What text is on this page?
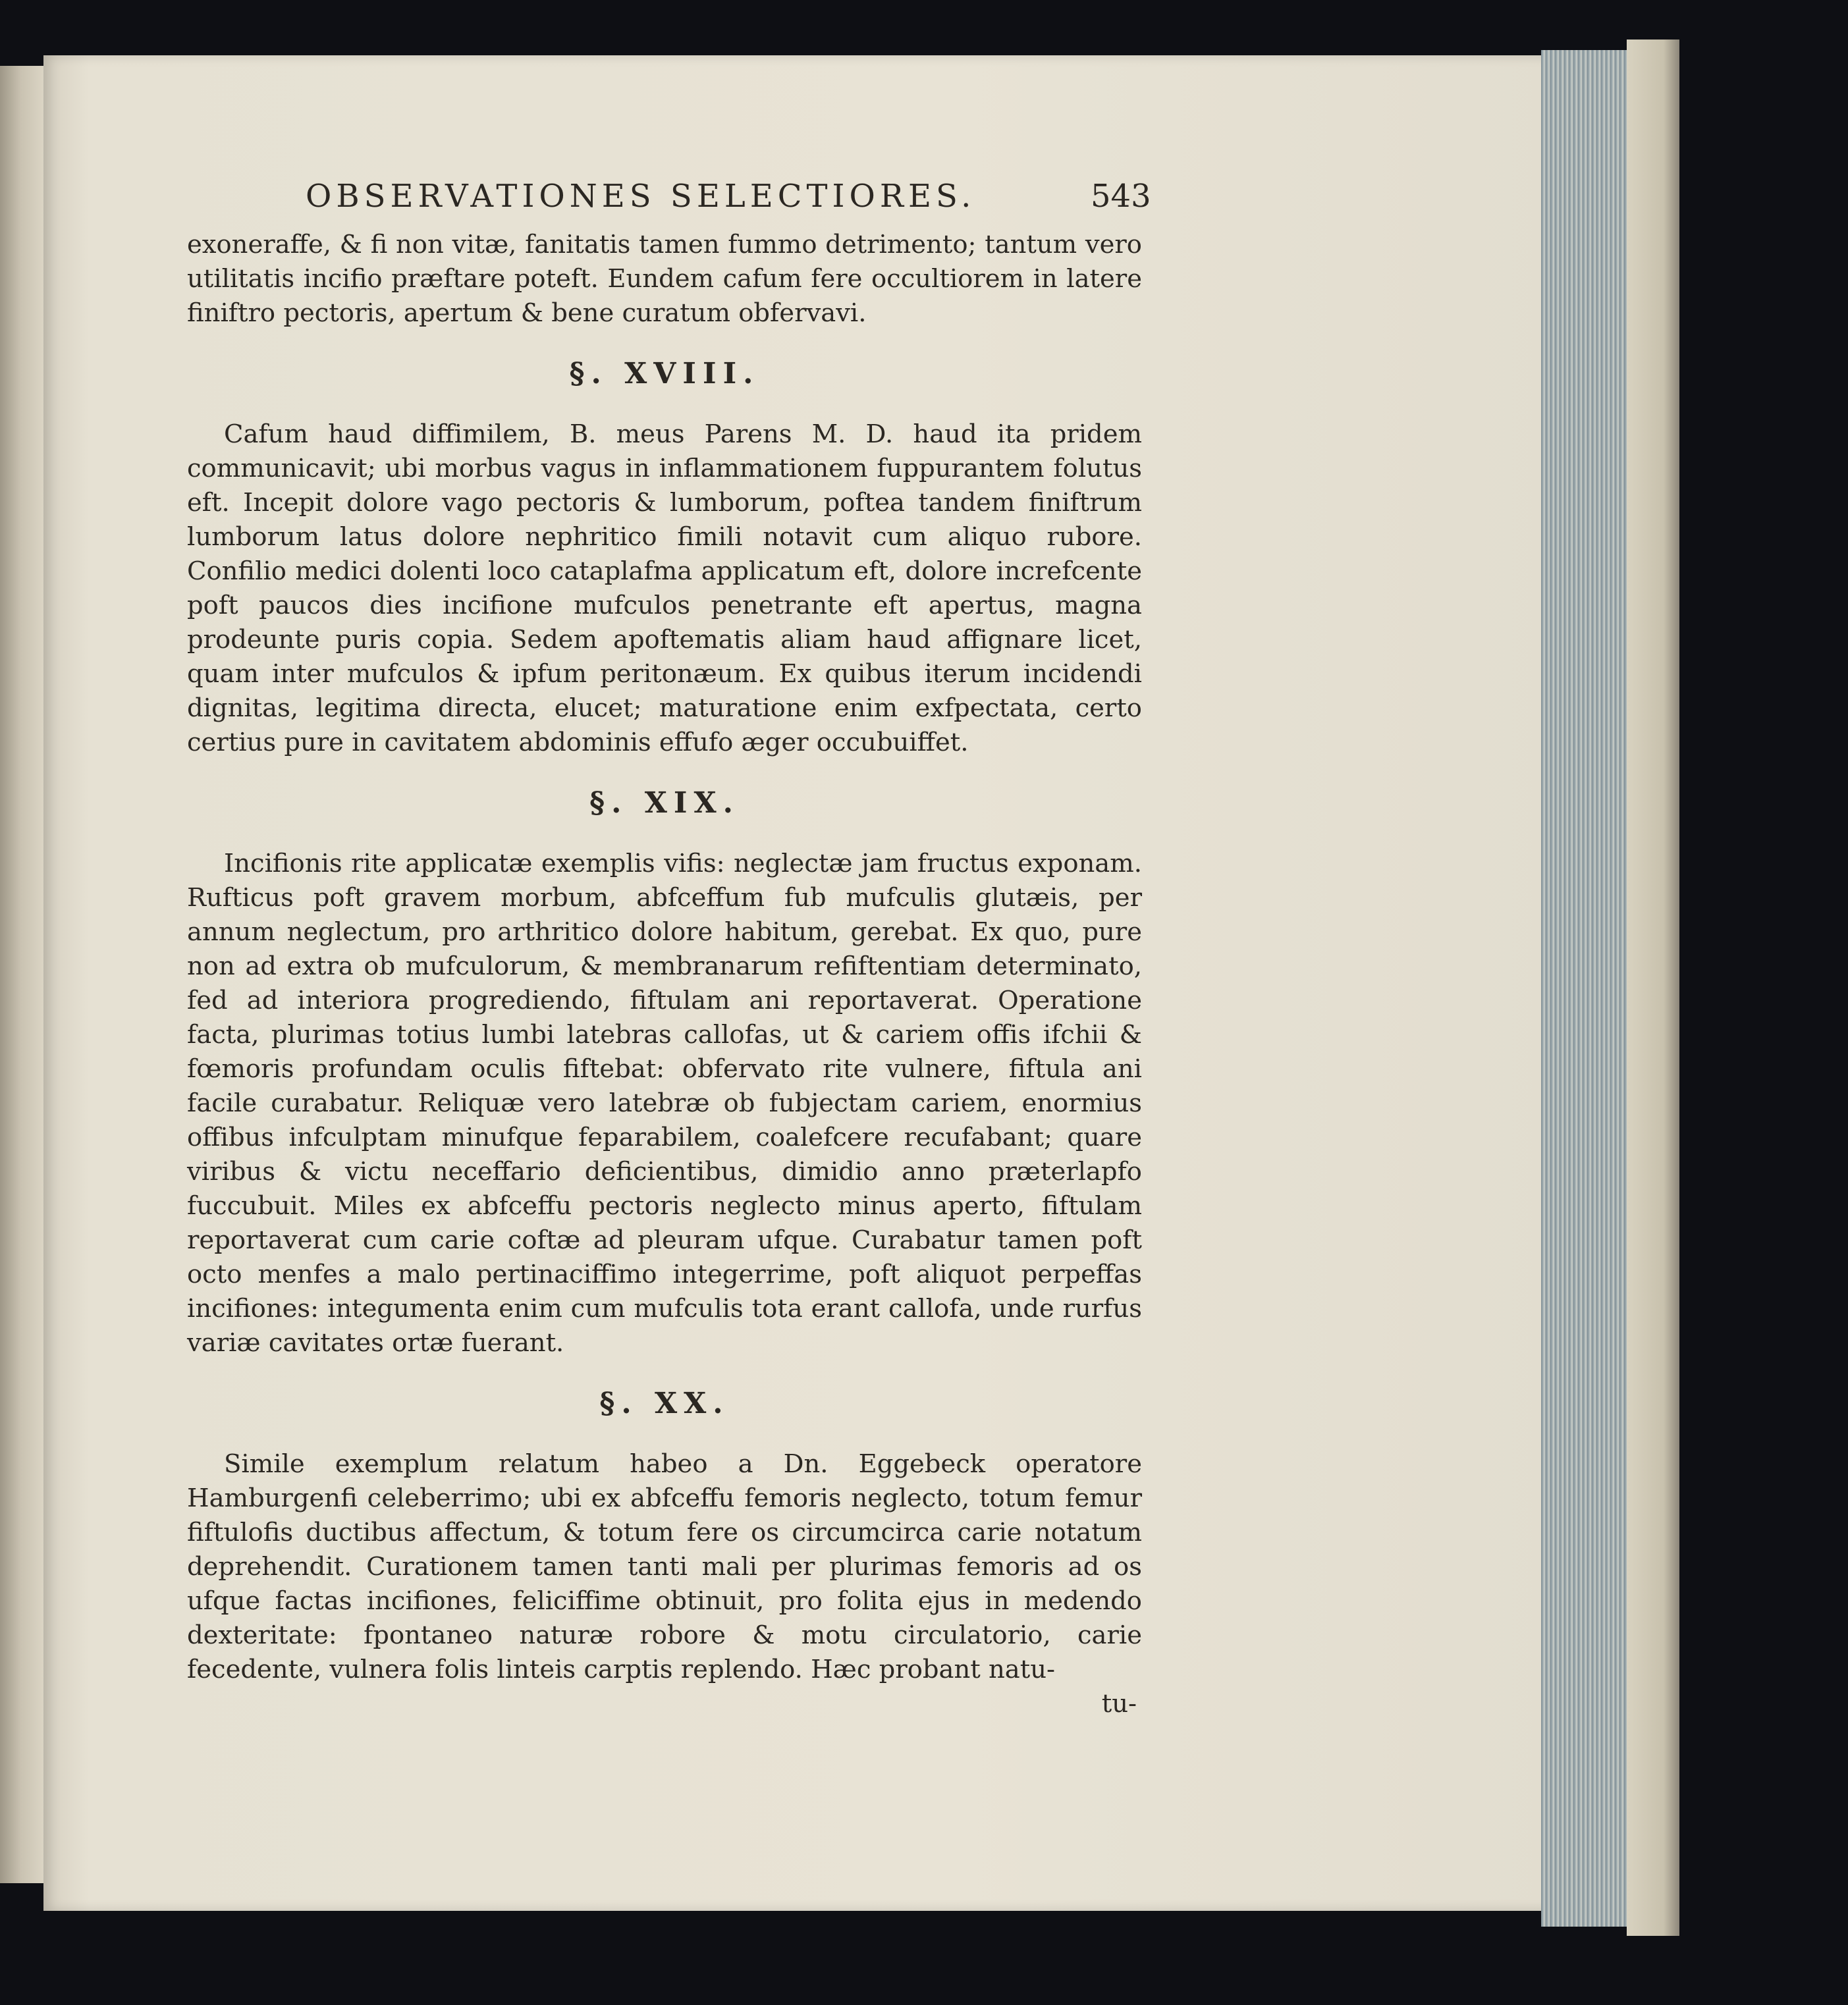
OBSERVATIONES SELECTIORES.	543

exoneraffe, & fi non vitæ, fanitatis tamen fummo detrimento; tantum vero utilitatis incifio præftare poteft. Eundem cafum fere occultiorem in latere finiftro pectoris, apertum & bene curatum obfervavi.

§. XVIII.

Cafum haud diffimilem, B. meus Parens M. D. haud ita pridem communicavit; ubi morbus vagus in inflammationem fuppurantem folutus eft. Incepit dolore vago pectoris & lumborum, poftea tandem finiftrum lumborum latus dolore nephritico fimili notavit cum aliquo rubore. Confilio medici dolenti loco cataplafma applicatum eft, dolore increfcente poft paucos dies incifione mufculos penetrante eft apertus, magna prodeunte puris copia. Sedem apoftematis aliam haud affignare licet, quam inter mufculos & ipfum peritonæum. Ex quibus iterum incidendi dignitas, legitima directa, elucet; maturatione enim exfpectata, certo certius pure in cavitatem abdominis effufo æger occubuiffet.

§. XIX.

Incifionis rite applicatæ exemplis vifis: neglectæ jam fructus exponam. Rufticus poft gravem morbum, abfceffum fub mufculis glutæis, per annum neglectum, pro arthritico dolore habitum, gerebat. Ex quo, pure non ad extra ob mufculorum, & membranarum refiftentiam determinato, fed ad interiora progrediendo, fiftulam ani reportaverat. Operatione facta, plurimas totius lumbi latebras callofas, ut & cariem offis ifchii & fœmoris profundam oculis fiftebat: obfervato rite vulnere, fiftula ani facile curabatur. Reliquæ vero latebræ ob fubjectam cariem, enormius offibus infculptam minufque feparabilem, coalefcere recufabant; quare viribus & victu neceffario deficientibus, dimidio anno præterlapfo fuccubuit. Miles ex abfceffu pectoris neglecto minus aperto, fiftulam reportaverat cum carie coftæ ad pleuram ufque. Curabatur tamen poft octo menfes a malo pertinaciffimo integerrime, poft aliquot perpeffas incifiones: integumenta enim cum mufculis tota erant callofa, unde rurfus variæ cavitates ortæ fuerant.

§. XX.

Simile exemplum relatum habeo a Dn. Eggebeck operatore Hamburgenfi celeberrimo; ubi ex abfceffu femoris neglecto, totum femur fiftulofis ductibus affectum, & totum fere os circumcirca carie notatum deprehendit. Curationem tamen tanti mali per plurimas femoris ad os ufque factas incifiones, feliciffime obtinuit, pro folita ejus in medendo dexteritate: fpontaneo naturæ robore & motu circulatorio, carie fecedente, vulnera folis linteis carptis replendo. Hæc probant natu-

tu-
